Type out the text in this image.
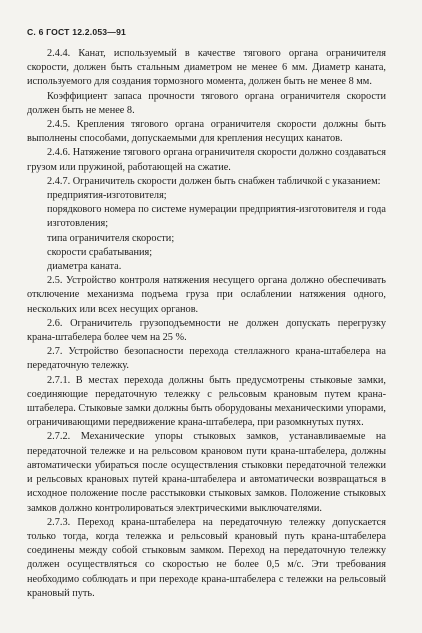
С. 6 ГОСТ 12.2.053—91

2.4.4. Канат, используемый в качестве тягового органа ограничителя скорости, должен быть стальным диаметром не менее 6 мм. Диаметр каната, используемого для создания тормозного момента, должен быть не менее 8 мм.

Коэффициент запаса прочности тягового органа ограничителя скорости должен быть не менее 8.

2.4.5. Крепления тягового органа ограничителя скорости должны быть выполнены способами, допускаемыми для крепления несущих канатов.

2.4.6. Натяжение тягового органа ограничителя скорости должно создаваться грузом или пружиной, работающей на сжатие.

2.4.7. Ограничитель скорости должен быть снабжен табличкой с указанием:

предприятия-изготовителя;
порядкового номера по системе нумерации предприятия-изготовителя и года изготовления;
типа ограничителя скорости;
скорости срабатывания;
диаметра каната.

2.5. Устройство контроля натяжения несущего органа должно обеспечивать отключение механизма подъема груза при ослаблении натяжения одного, нескольких или всех несущих органов.

2.6. Ограничитель грузоподъемности не должен допускать перегрузку крана-штабелера более чем на 25 %.

2.7. Устройство безопасности перехода стеллажного крана-штабелера на передаточную тележку.

2.7.1. В местах перехода должны быть предусмотрены стыковые замки, соединяющие передаточную тележку с рельсовым крановым путем крана-штабелера. Стыковые замки должны быть оборудованы механическими упорами, ограничивающими передвижение крана-штабелера, при разомкнутых путях.

2.7.2. Механические упоры стыковых замков, устанавливаемые на передаточной тележке и на рельсовом крановом пути крана-штабелера, должны автоматически убираться после осуществления стыковки передаточной тележки и рельсовых крановых путей крана-штабелера и автоматически возвращаться в исходное положение после расстыковки стыковых замков. Положение стыковых замков должно контролироваться электрическими выключателями.

2.7.3. Переход крана-штабелера на передаточную тележку допускается только тогда, когда тележка и рельсовый крановый путь крана-штабелера соединены между собой стыковым замком. Переход на передаточную тележку должен осуществляться со скоростью не более 0,5 м/с. Эти требования необходимо соблюдать и при переходе крана-штабелера с тележки на рельсовый крановый путь.
